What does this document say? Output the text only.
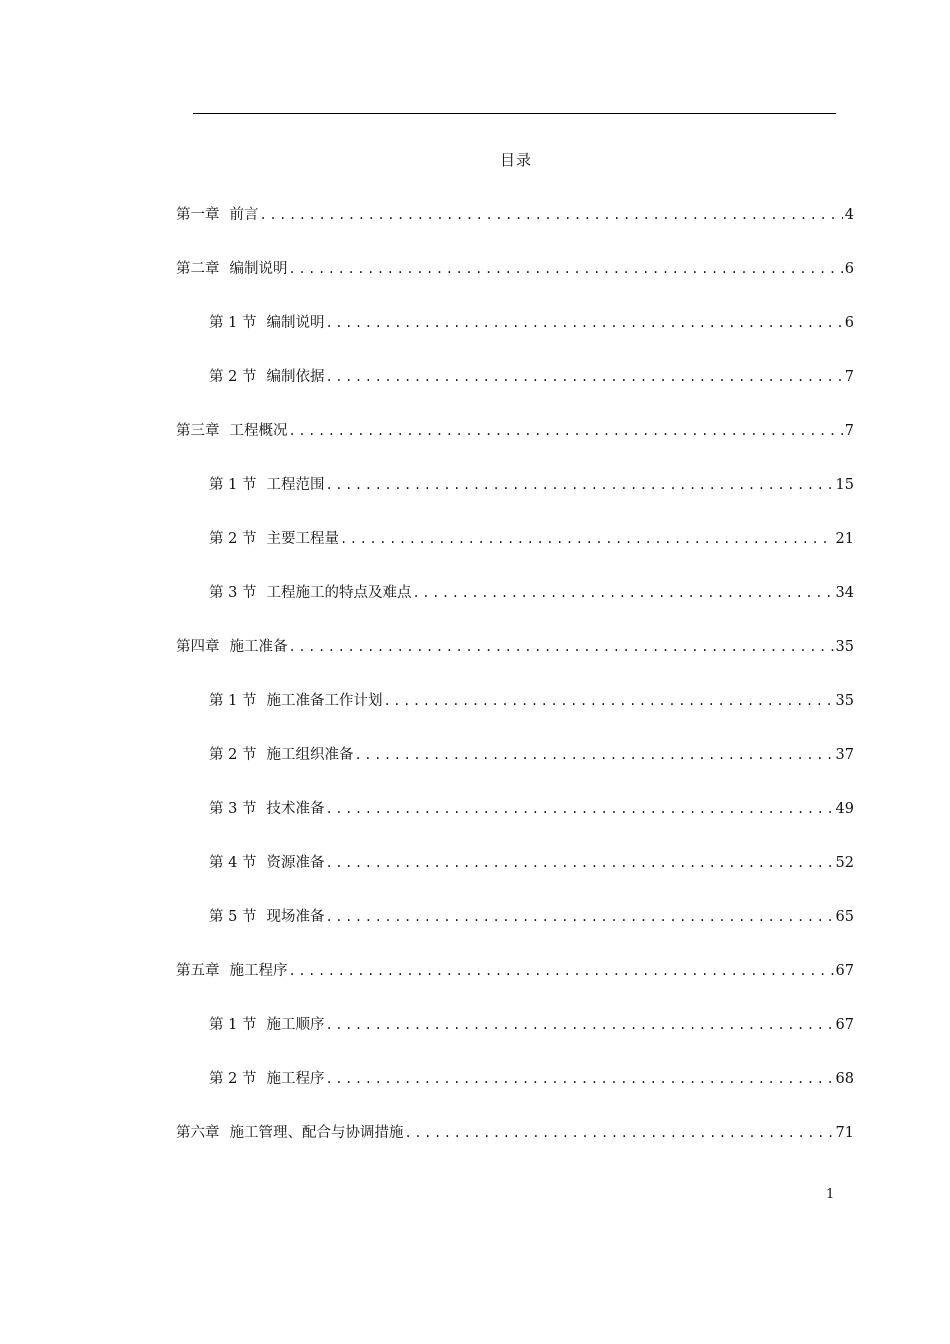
目录
第一章 前言 .....	4
第二章 编制说明 .....	6
第 1 节 编制说明 .....	6
第 2 节 编制依据 .....	7
第三章 工程概况 .....	7
第 1 节 工程范围 .....	15
第 2 节 主要工程量 .....	21
第 3 节 工程施工的特点及难点 .....	34
第四章 施工准备 .....	35
第 1 节 施工准备工作计划 .....	35
第 2 节 施工组织准备 .....	37
第 3 节 技术准备 .....	49
第 4 节 资源准备 .....	52
第 5 节 现场准备 .....	65
第五章 施工程序 .....	67
第 1 节 施工顺序 .....	67
第 2 节 施工程序 .....	68
第六章 施工管理、配合与协调措施 .....	71
1
